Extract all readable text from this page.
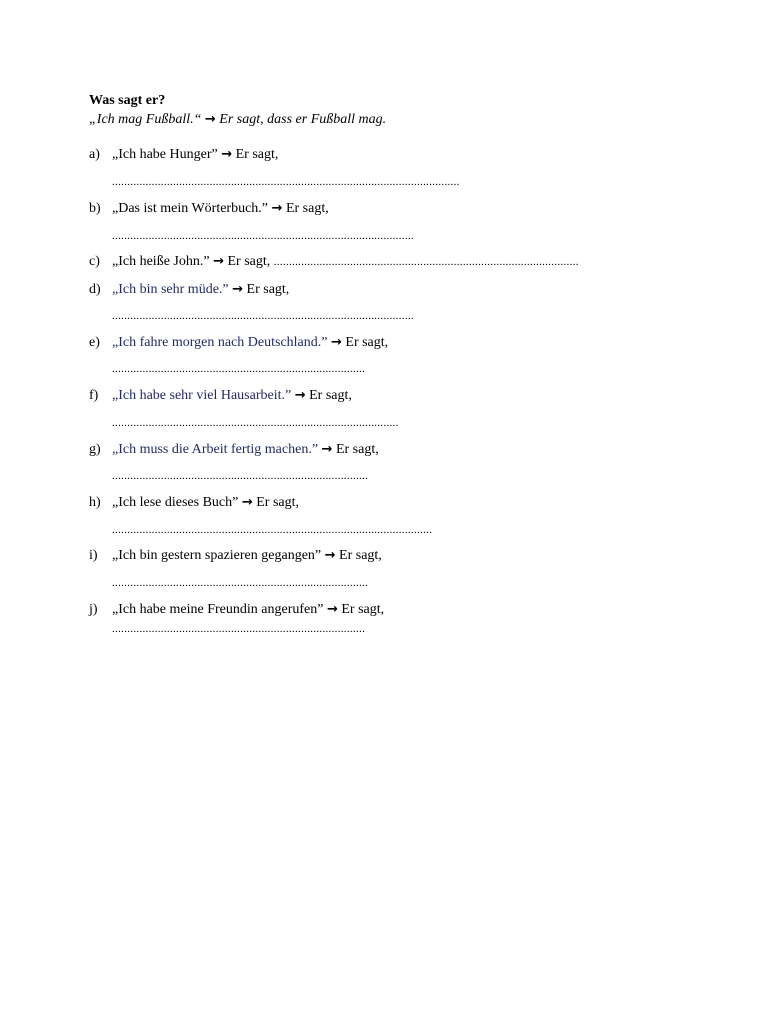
Was sagt er?
„Ich mag Fußball.“ → Er sagt, dass er Fußball mag.
a) „Ich habe Hunger” → Er sagt,
..................................................................................................................
b) „Das ist mein Wörterbuch.” → Er sagt,
...................................................................................................
c) „Ich heiße John.” → Er sagt, ....................................................................................................
d) „Ich bin sehr müde.” → Er sagt,
...................................................................................................
e) „Ich fahre morgen nach Deutschland.” → Er sagt,
...................................................................................
f) „Ich habe sehr viel Hausarbeit.” → Er sagt,
..............................................................................................
g) „Ich muss die Arbeit fertig machen.” → Er sagt,
....................................................................................
h) „Ich lese dieses Buch” → Er sagt,
.........................................................................................................
i) „Ich bin gestern spazieren gegangen” → Er sagt,
....................................................................................
j) „Ich habe meine Freundin angerufen” → Er sagt,
...................................................................................
